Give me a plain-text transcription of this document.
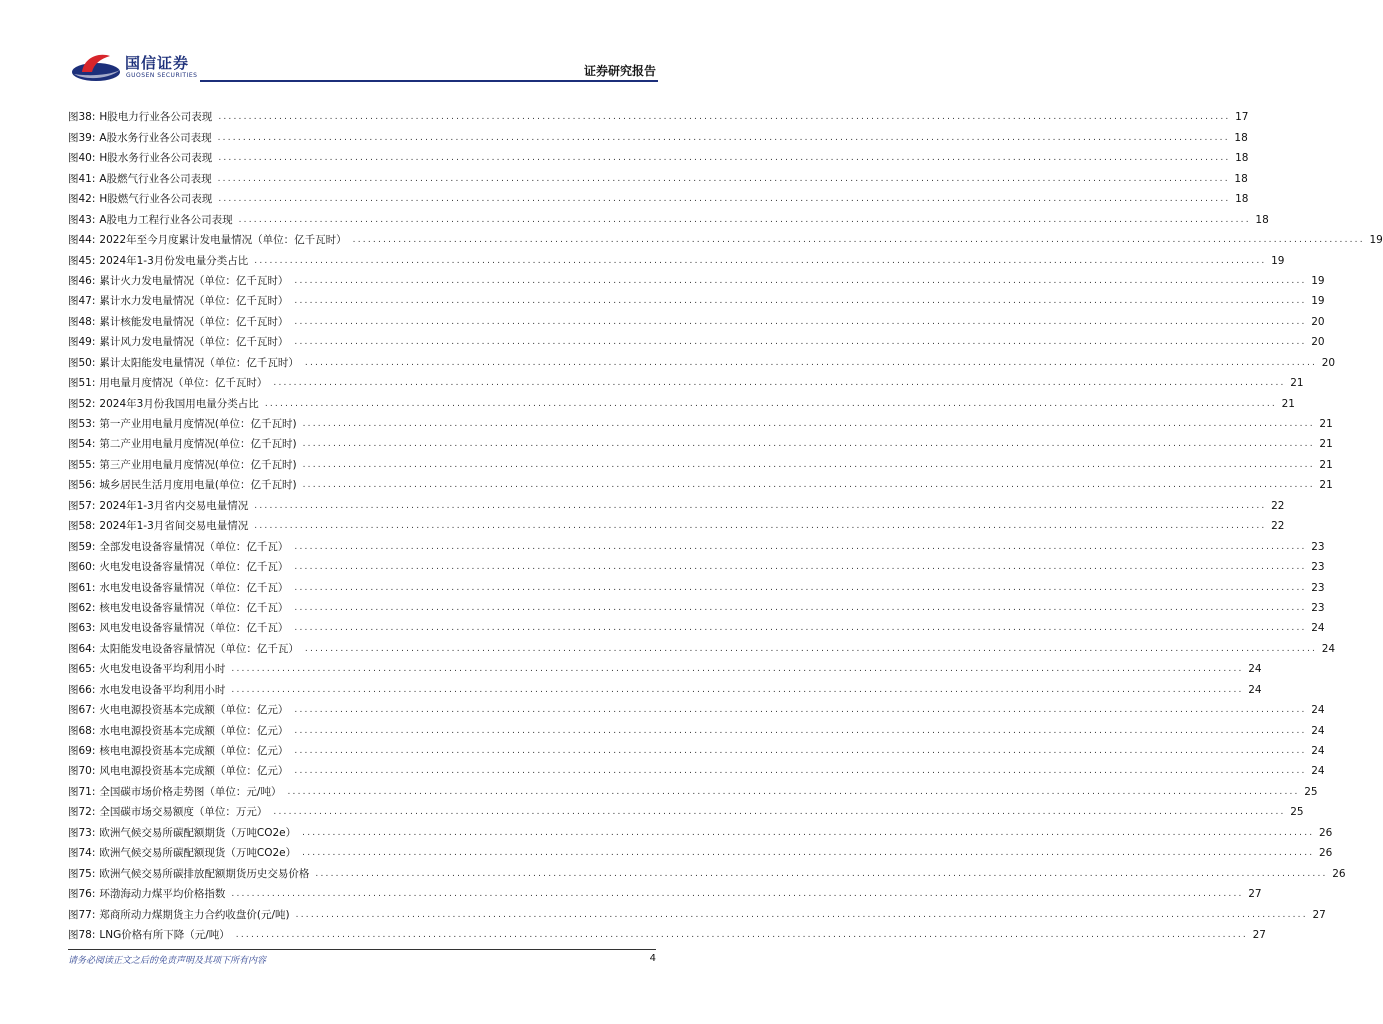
国信证券
GUOSEN SECURITIES	证券研究报告
图38: H股电力行业各公司表现 ........................................................................................................................................................................................................ 17
图39: A股水务行业各公司表现 ........................................................................................................................................................................................................ 18
图40: H股水务行业各公司表现 ........................................................................................................................................................................................................ 18
图41: A股燃气行业各公司表现 ........................................................................................................................................................................................................ 18
图42: H股燃气行业各公司表现 ........................................................................................................................................................................................................ 18
图43: A股电力工程行业各公司表现 ........................................................................................................................................................................................................ 18
图44: 2022年至今月度累计发电量情况（单位：亿千瓦时） ........................................................................................................................................................................................................ 19
图45: 2024年1-3月份发电量分类占比 ........................................................................................................................................................................................................ 19
图46: 累计火力发电量情况（单位：亿千瓦时） ........................................................................................................................................................................................................ 19
图47: 累计水力发电量情况（单位：亿千瓦时） ........................................................................................................................................................................................................ 19
图48: 累计核能发电量情况（单位：亿千瓦时） ........................................................................................................................................................................................................ 20
图49: 累计风力发电量情况（单位：亿千瓦时） ........................................................................................................................................................................................................ 20
图50: 累计太阳能发电量情况（单位：亿千瓦时） ........................................................................................................................................................................................................ 20
图51: 用电量月度情况（单位：亿千瓦时） ........................................................................................................................................................................................................ 21
图52: 2024年3月份我国用电量分类占比 ........................................................................................................................................................................................................ 21
图53: 第一产业用电量月度情况(单位：亿千瓦时) ........................................................................................................................................................................................................ 21
图54: 第二产业用电量月度情况(单位：亿千瓦时) ........................................................................................................................................................................................................ 21
图55: 第三产业用电量月度情况(单位：亿千瓦时) ........................................................................................................................................................................................................ 21
图56: 城乡居民生活月度用电量(单位：亿千瓦时) ........................................................................................................................................................................................................ 21
图57: 2024年1-3月省内交易电量情况 ........................................................................................................................................................................................................ 22
图58: 2024年1-3月省间交易电量情况 ........................................................................................................................................................................................................ 22
图59: 全部发电设备容量情况（单位：亿千瓦） ........................................................................................................................................................................................................ 23
图60: 火电发电设备容量情况（单位：亿千瓦） ........................................................................................................................................................................................................ 23
图61: 水电发电设备容量情况（单位：亿千瓦） ........................................................................................................................................................................................................ 23
图62: 核电发电设备容量情况（单位：亿千瓦） ........................................................................................................................................................................................................ 23
图63: 风电发电设备容量情况（单位：亿千瓦） ........................................................................................................................................................................................................ 24
图64: 太阳能发电设备容量情况（单位：亿千瓦） ........................................................................................................................................................................................................ 24
图65: 火电发电设备平均利用小时 ........................................................................................................................................................................................................ 24
图66: 水电发电设备平均利用小时 ........................................................................................................................................................................................................ 24
图67: 火电电源投资基本完成额（单位：亿元） ........................................................................................................................................................................................................ 24
图68: 水电电源投资基本完成额（单位：亿元） ........................................................................................................................................................................................................ 24
图69: 核电电源投资基本完成额（单位：亿元） ........................................................................................................................................................................................................ 24
图70: 风电电源投资基本完成额（单位：亿元） ........................................................................................................................................................................................................ 24
图71: 全国碳市场价格走势图（单位：元/吨） ........................................................................................................................................................................................................ 25
图72: 全国碳市场交易额度（单位：万元） ........................................................................................................................................................................................................ 25
图73: 欧洲气候交易所碳配额期货（万吨CO2e） ........................................................................................................................................................................................................ 26
图74: 欧洲气候交易所碳配额现货（万吨CO2e） ........................................................................................................................................................................................................ 26
图75: 欧洲气候交易所碳排放配额期货历史交易价格 ........................................................................................................................................................................................................ 26
图76: 环渤海动力煤平均价格指数 ........................................................................................................................................................................................................ 27
图77: 郑商所动力煤期货主力合约收盘价(元/吨) ........................................................................................................................................................................................................ 27
图78: LNG价格有所下降（元/吨） ........................................................................................................................................................................................................ 27
请务必阅读正文之后的免责声明及其项下所有内容	4
